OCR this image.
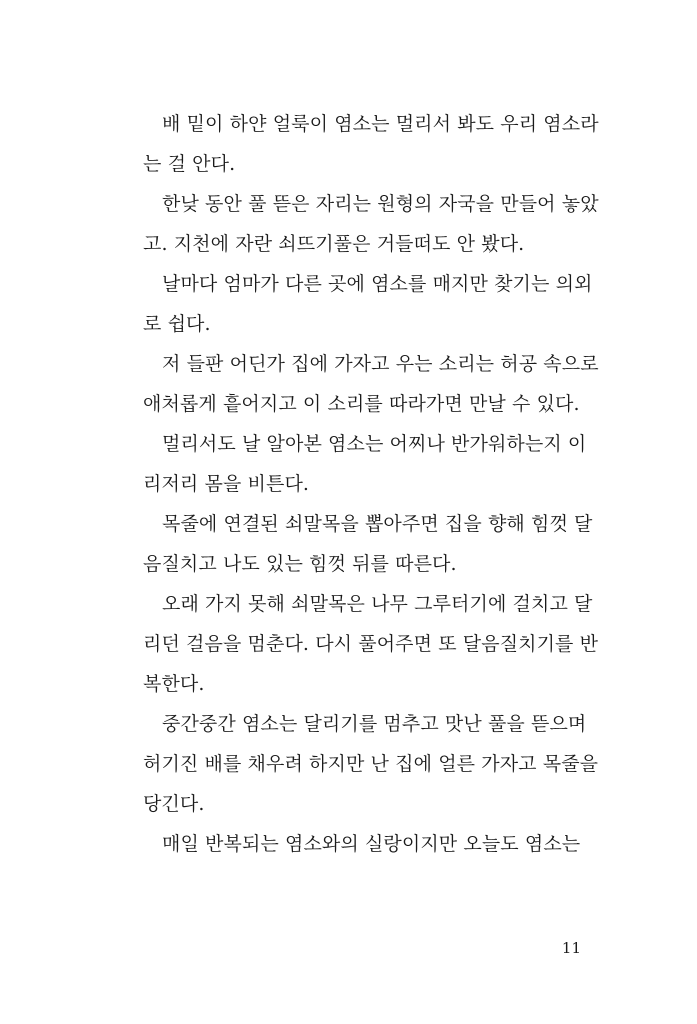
배 밑이 하얀 얼룩이 염소는 멀리서 봐도 우리 염소라
는 걸 안다.
한낮 동안 풀 뜯은 자리는 원형의 자국을 만들어 놓았
고. 지천에 자란 쇠뜨기풀은 거들떠도 안 봤다.
날마다 엄마가 다른 곳에 염소를 매지만 찾기는 의외
로 쉽다.
저 들판 어딘가 집에 가자고 우는 소리는 허공 속으로
애처롭게 흩어지고 이 소리를 따라가면 만날 수 있다.
멀리서도 날 알아본 염소는 어찌나 반가워하는지 이
리저리 몸을 비튼다.
목줄에 연결된 쇠말목을 뽑아주면 집을 향해 힘껏 달
음질치고 나도 있는 힘껏 뒤를 따른다.
오래 가지 못해 쇠말목은 나무 그루터기에 걸치고 달
리던 걸음을 멈춘다. 다시 풀어주면 또 달음질치기를 반
복한다.
중간중간 염소는 달리기를 멈추고 맛난 풀을 뜯으며
허기진 배를 채우려 하지만 난 집에 얼른 가자고 목줄을
당긴다.
매일 반복되는 염소와의 실랑이지만 오늘도 염소는
11
